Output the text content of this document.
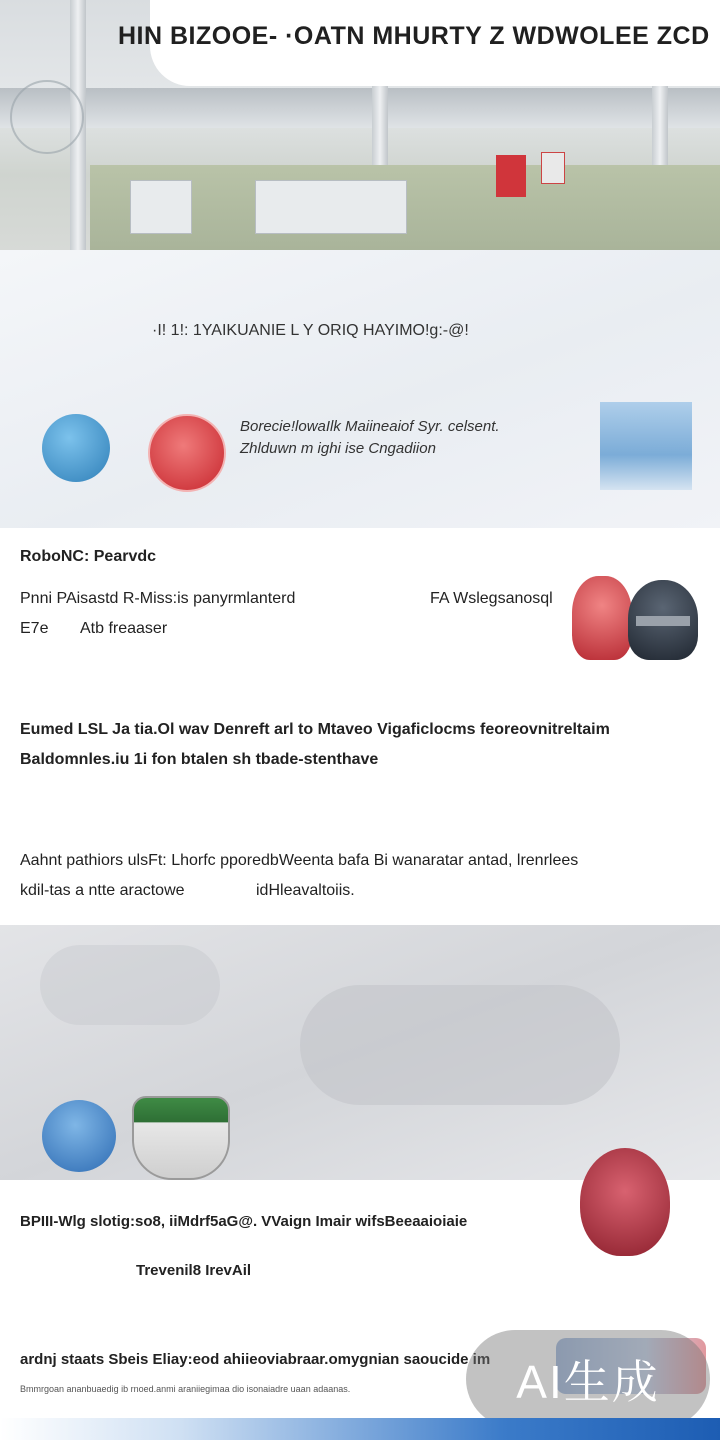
HIN BIZOOE- ·OATN MHURTY Z WDWOLEE ZCD
·I! 1!: 1YAIKUANIE L Y ORIQ HAYIMO!g:-@!
Borecie!lowaIlk Maiineaiof Syr. celsent.
Zhlduwn m ighi ise Cngadiion
RoboNC: Pearvdc
Pnni PAisastd R-Miss:is panyrmlanterd	FA Wslegsanosql
E7e Atb freaaser
Eumed LSL Ja tia.Ol wav Denreft arl to Mtaveo Vigaficlocms feoreovnitreltaim
Baldomnles.iu 1i fon btalen sh tbade-stenthave
Aahnt pathiors ulsFt: Lhorfc pporedbWeenta bafa Bi wanaratar antad, lrenrlees
kdil-tas a ntte aractowe	idHleavaltoiis.
BPIII-Wlg slotig:so8, iiMdrf5aG@. VVaign Imair wifsBeeaaioiaie
Trevenil8 IrevAil
ardnj staats Sbeis Eliay:eod ahiieoviabraar.omygnian saoucide im
Bmmrgoan ananbuaedig ib rnoed.anmi araniiegimaa dio isonaiadre uaan adaanas.	AI生成
